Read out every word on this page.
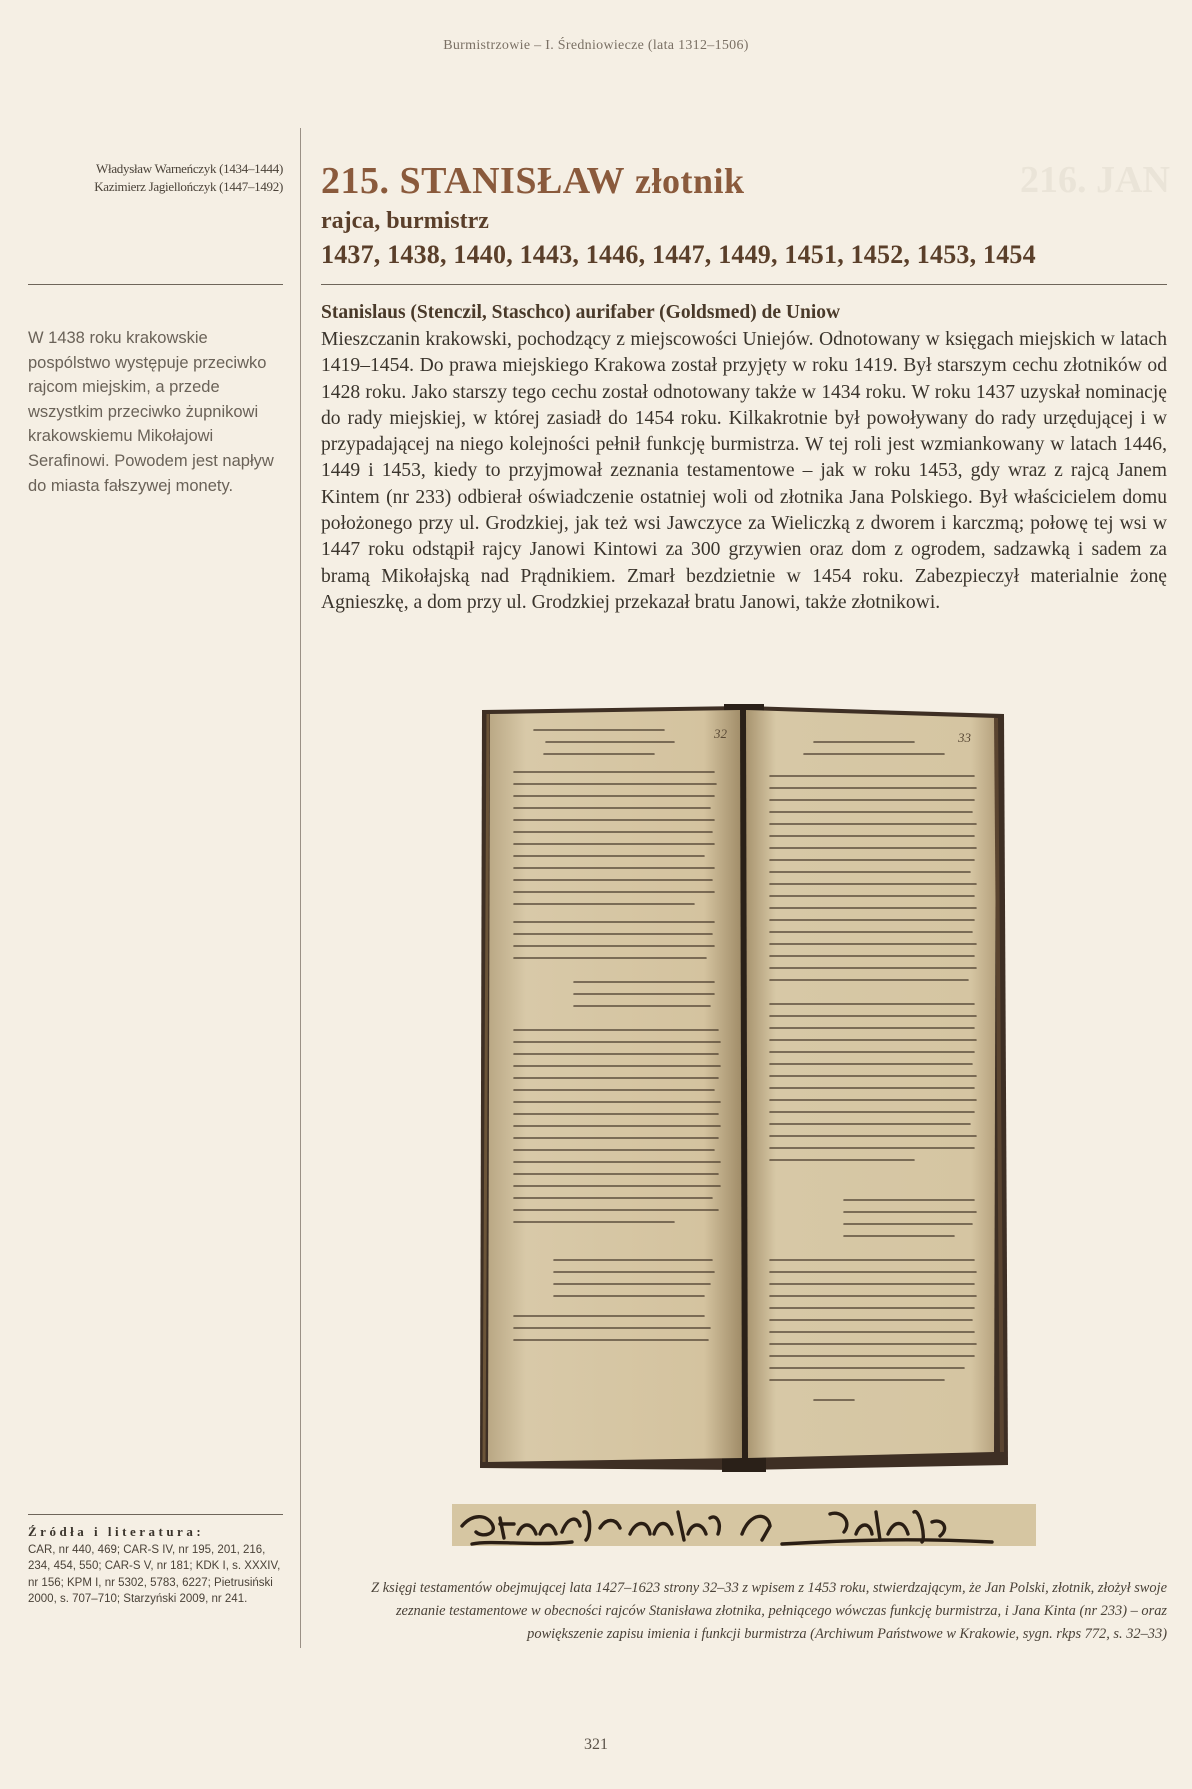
216. JAN
Burmistrzowie – I. Średniowiecze (lata 1312–1506)
Władysław Warneńczyk (1434–1444)
Kazimierz Jagiellończyk (1447–1492)
W 1438 roku krakowskie pospólstwo występuje przeciwko rajcom miejskim, a przede wszystkim przeciwko żupnikowi krakowskiemu Mikołajowi Serafinowi. Powodem jest napływ do miasta fałszywej monety.
Źródła i literatura:
CAR, nr 440, 469; CAR-S IV, nr 195, 201, 216, 234, 454, 550; CAR-S V, nr 181; KDK I, s. XXXIV, nr 156; KPM I, nr 5302, 5783, 6227; Pietrusiński 2000, s. 707–710; Starzyński 2009, nr 241.
215. STANISŁAW złotnik
rajca, burmistrz
1437, 1438, 1440, 1443, 1446, 1447, 1449, 1451, 1452, 1453, 1454
Stanislaus (Stenczil, Staschco) aurifaber (Goldsmed) de Uniow
Mieszczanin krakowski, pochodzący z miejscowości Uniejów. Odnotowany w księgach miejskich w latach 1419–1454. Do prawa miejskiego Krakowa został przyjęty w roku 1419. Był starszym cechu złotników od 1428 roku. Jako starszy tego cechu został odnotowany także w 1434 roku. W roku 1437 uzyskał nominację do rady miejskiej, w której zasiadł do 1454 roku. Kilkakrotnie był powoływany do rady urzędującej i w przypadającej na niego kolejności pełnił funkcję burmistrza. W tej roli jest wzmiankowany w latach 1446, 1449 i 1453, kiedy to przyjmował zeznania testamentowe – jak w roku 1453, gdy wraz z rajcą Janem Kintem (nr 233) odbierał oświadczenie ostatniej woli od złotnika Jana Polskiego. Był właścicielem domu położonego przy ul. Grodzkiej, jak też wsi Jawczyce za Wieliczką z dworem i karczmą; połowę tej wsi w 1447 roku odstąpił rajcy Janowi Kintowi za 300 grzywien oraz dom z ogrodem, sadzawką i sadem za bramą Mikołajską nad Prądnikiem. Zmarł bezdzietnie w 1454 roku. Zabezpieczył materialnie żonę Agnieszkę, a dom przy ul. Grodzkiej przekazał bratu Janowi, także złotnikowi.
32	33
Z księgi testamentów obejmującej lata 1427–1623 strony 32–33 z wpisem z 1453 roku, stwierdzającym, że Jan Polski, złotnik, złożył swoje zeznanie testamentowe w obecności rajców Stanisława złotnika, pełniącego wówczas funkcję burmistrza, i Jana Kinta (nr 233) – oraz powiększenie zapisu imienia i funkcji burmistrza (Archiwum Państwowe w Krakowie, sygn. rkps 772, s. 32–33)
321
